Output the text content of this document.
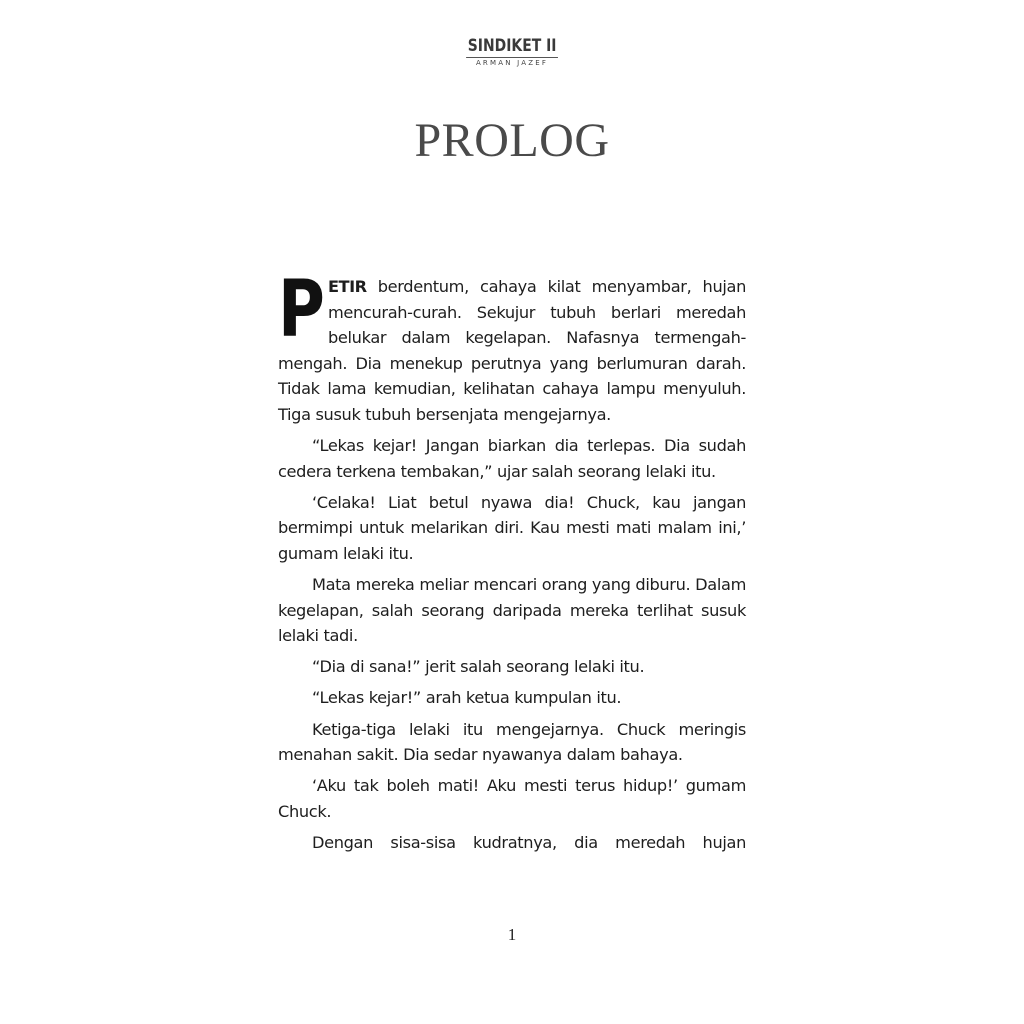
SINDIKET II
ARMAN JAZEF
PROLOG

PETIR berdentum, cahaya kilat menyambar, hujan mencurah-curah. Sekujur tubuh berlari meredah belukar dalam kegelapan. Nafasnya termengah-mengah. Dia menekup perutnya yang berlumuran darah. Tidak lama kemudian, kelihatan cahaya lampu menyuluh. Tiga susuk tubuh bersenjata mengejarnya.

“Lekas kejar! Jangan biarkan dia terlepas. Dia sudah cedera terkena tembakan,” ujar salah seorang lelaki itu.

‘Celaka! Liat betul nyawa dia! Chuck, kau jangan bermimpi untuk melarikan diri. Kau mesti mati malam ini,’ gumam lelaki itu.

Mata mereka meliar mencari orang yang diburu. Dalam kegelapan, salah seorang daripada mereka terlihat susuk lelaki tadi.

“Dia di sana!” jerit salah seorang lelaki itu.

“Lekas kejar!” arah ketua kumpulan itu.

Ketiga-tiga lelaki itu mengejarnya. Chuck meringis menahan sakit. Dia sedar nyawanya dalam bahaya.

‘Aku tak boleh mati! Aku mesti terus hidup!’ gumam Chuck.

Dengan sisa-sisa kudratnya, dia meredah hujan

1
